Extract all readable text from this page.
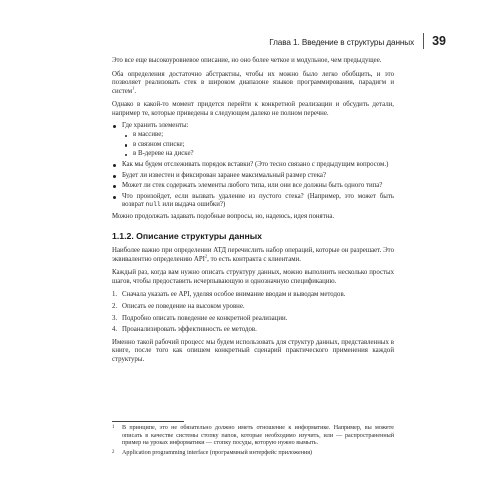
Глава 1. Введение в структуры данных 39

Это все еще высокоуровневое описание, но оно более четкое и модульное, чем предыдущее.

Оба определения достаточно абстрактны, чтобы их можно было легко обобщить, и это позволяет реализовать стек в широком диапазоне языков программирования, парадигм и систем$^1$.

Однако в какой-то момент придется перейти к конкретной реализации и обсудить детали, например те, которые приведены в следующем далеко не полном перечне.

Где хранить элементы:
в массиве;
в связном списке;
в B-дереве на диске?
Как мы будем отслеживать порядок вставки? (Это тесно связано с предыдущим вопросом.)
Будет ли известен и фиксирован заранее максимальный размер стека?
Может ли стек содержать элементы любого типа, или они все должны быть одного типа?
Что произойдет, если вызвать удаление из пустого стека? (Например, это может быть возврат null или выдача ошибки?)

Можно продолжать задавать подобные вопросы, но, надеюсь, идея понятна.

1.1.2. Описание структуры данных

Наиболее важно при определении АТД перечислить набор операций, которые он разрешает. Это эквивалентно определению API$^2$, то есть контракта с клиентами.

Каждый раз, когда вам нужно описать структуру данных, можно выполнить несколько простых шагов, чтобы предоставить исчерпывающую и однозначную спецификацию.

1. Сначала указать ее API, уделяя особое внимание вводам и выводам методов.
2. Описать ее поведение на высоком уровне.
3. Подробно описать поведение ее конкретной реализации.
4. Проанализировать эффективность ее методов.

Именно такой рабочий процесс мы будем использовать для структур данных, представленных в книге, после того как опишем конкретный сценарий практического применения каждой структуры.

1	В принципе, это не обязательно должно иметь отношение к информатике. Например, вы можете описать в качестве системы стопку папок, которые необходимо изучить, или — распространенный пример на уроках информатики — стопку посуды, которую нужно вымыть.
2	Application programming interface (программный интерфейс приложения)
